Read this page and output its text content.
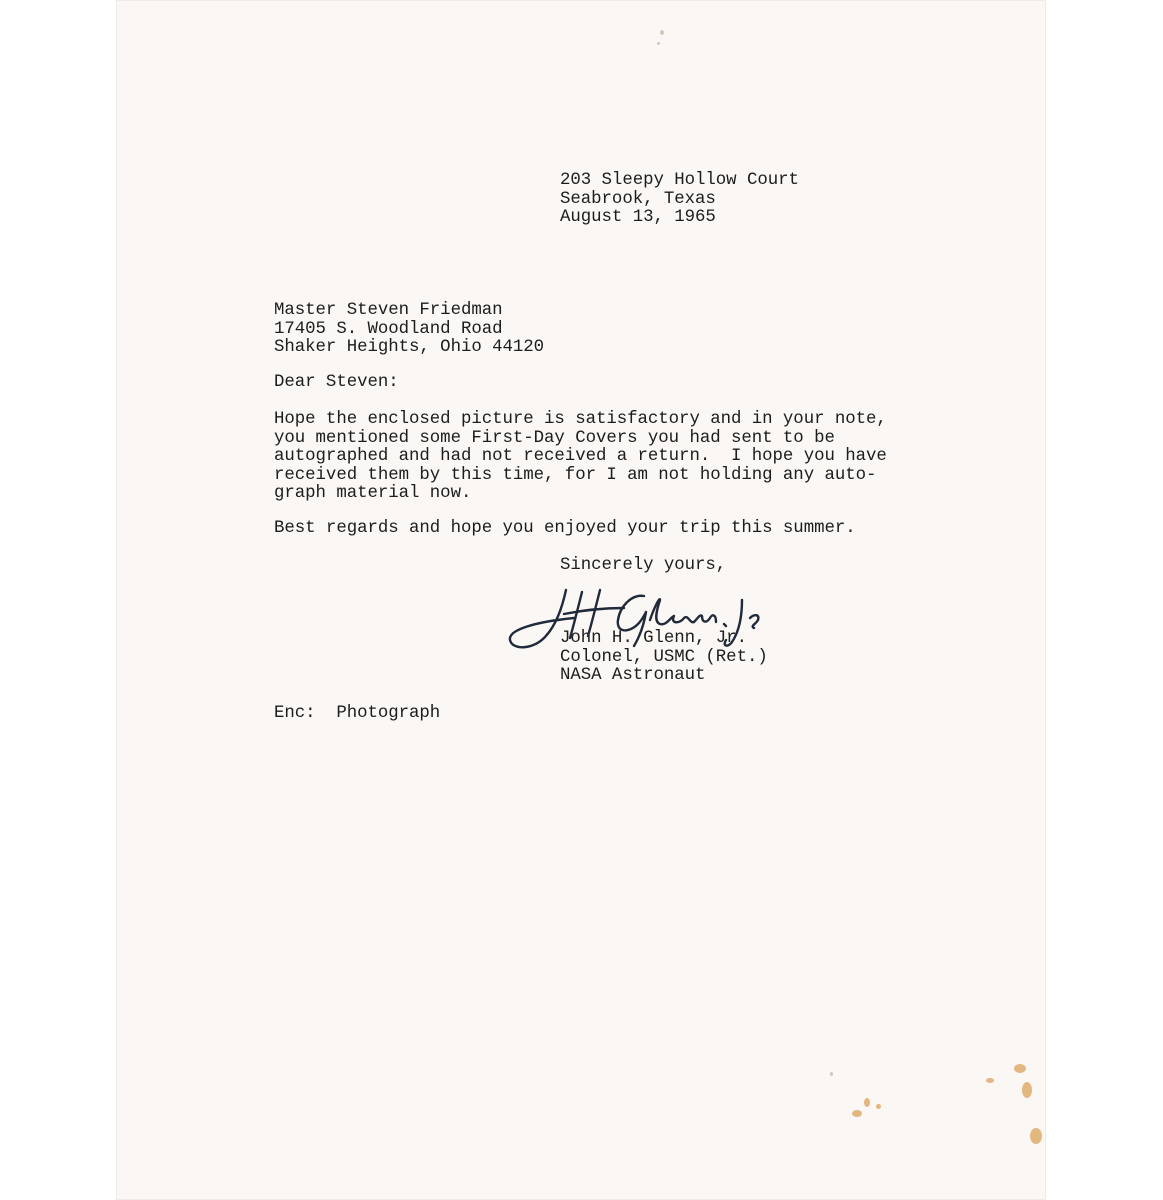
203 Sleepy Hollow Court
Seabrook, Texas
August 13, 1965
Master Steven Friedman
17405 S. Woodland Road
Shaker Heights, Ohio 44120
Dear Steven:
Hope the enclosed picture is satisfactory and in your note,
you mentioned some First-Day Covers you had sent to be
autographed and had not received a return.  I hope you have
received them by this time, for I am not holding any auto-
graph material now.
Best regards and hope you enjoyed your trip this summer.
Sincerely yours,
John H. Glenn, Jr.
Colonel, USMC (Ret.)
NASA Astronaut
Enc:  Photograph
